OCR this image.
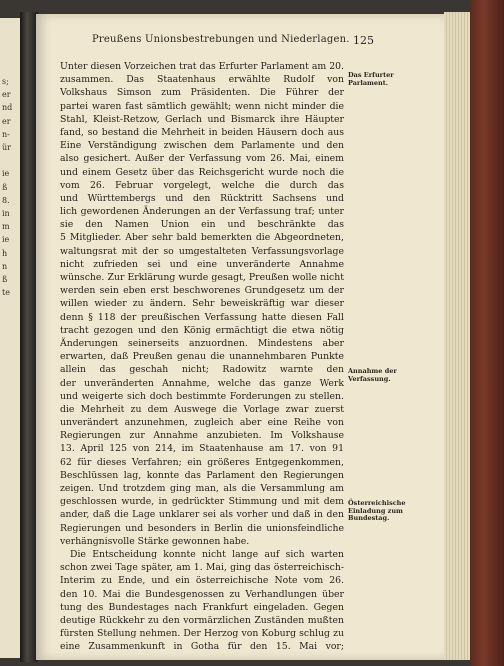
s;
er
nd
er
n-
ür
ie
ß
8.
in
m
ie
h
n
ß
te
Preußens Unionsbestrebungen und Niederlagen. 125
Unter diesen Vorzeichen trat das Erfurter Parlament am 20.
zusammen. Das Staatenhaus erwählte Rudolf von
Volkshaus Simson zum Präsidenten. Die Führer der
partei waren fast sämtlich gewählt; wenn nicht minder die
Stahl, Kleist-Retzow, Gerlach und Bismarck ihre Häupter
fand, so bestand die Mehrheit in beiden Häusern doch aus
Eine Verständigung zwischen dem Parlamente und den
also gesichert. Außer der Verfassung vom 26. Mai, einem
und einem Gesetz über das Reichsgericht wurde noch die
vom 26. Februar vorgelegt, welche die durch das
und Württembergs und den Rücktritt Sachsens und
lich gewordenen Änderungen an der Verfassung traf; unter
sie den Namen Union ein und beschränkte das
5 Mitglieder. Aber sehr bald bemerkten die Abgeordneten,
waltungsrat mit der so umgestalteten Verfassungsvorlage
nicht zufrieden sei und eine unveränderte Annahme
wünsche. Zur Erklärung wurde gesagt, Preußen wolle nicht
werden sein eben erst beschworenes Grundgesetz um der
willen wieder zu ändern. Sehr beweiskräftig war dieser
denn § 118 der preußischen Verfassung hatte diesen Fall
tracht gezogen und den König ermächtigt die etwa nötig
Änderungen seinerseits anzuordnen. Mindestens aber
erwarten, daß Preußen genau die unannehmbaren Punkte
allein das geschah nicht; Radowitz warnte den
der unveränderten Annahme, welche das ganze Werk
und weigerte sich doch bestimmte Forderungen zu stellen.
die Mehrheit zu dem Auswege die Vorlage zwar zuerst
unverändert anzunehmen, zugleich aber eine Reihe von
Regierungen zur Annahme anzubieten. Im Volkshause
13. April 125 von 214, im Staatenhause am 17. von 91
62 für dieses Verfahren; ein größeres Entgegenkommen,
Beschlüssen lag, konnte das Parlament den Regierungen
zeigen. Und trotzdem ging man, als die Versammlung am
geschlossen wurde, in gedrückter Stimmung und mit dem
ander, daß die Lage unklarer sei als vorher und daß in den
Regierungen und besonders in Berlin die unionsfeindliche
verhängnisvolle Stärke gewonnen habe.
Die Entscheidung konnte nicht lange auf sich warten
schon zwei Tage später, am 1. Mai, ging das österreichisch-
Interim zu Ende, und ein österreichische Note vom 26.
den 10. Mai die Bundesgenossen zu Verhandlungen über
tung des Bundestages nach Frankfurt eingeladen. Gegen
deutige Rückkehr zu den vormärzlichen Zuständen mußten
fürsten Stellung nehmen. Der Herzog von Koburg schlug zu
eine Zusammenkunft in Gotha für den 15. Mai vor;
Das Erfurter Parlament.
Annahme der Verfassung.
Österreichische Einladung zum Bundestag.
